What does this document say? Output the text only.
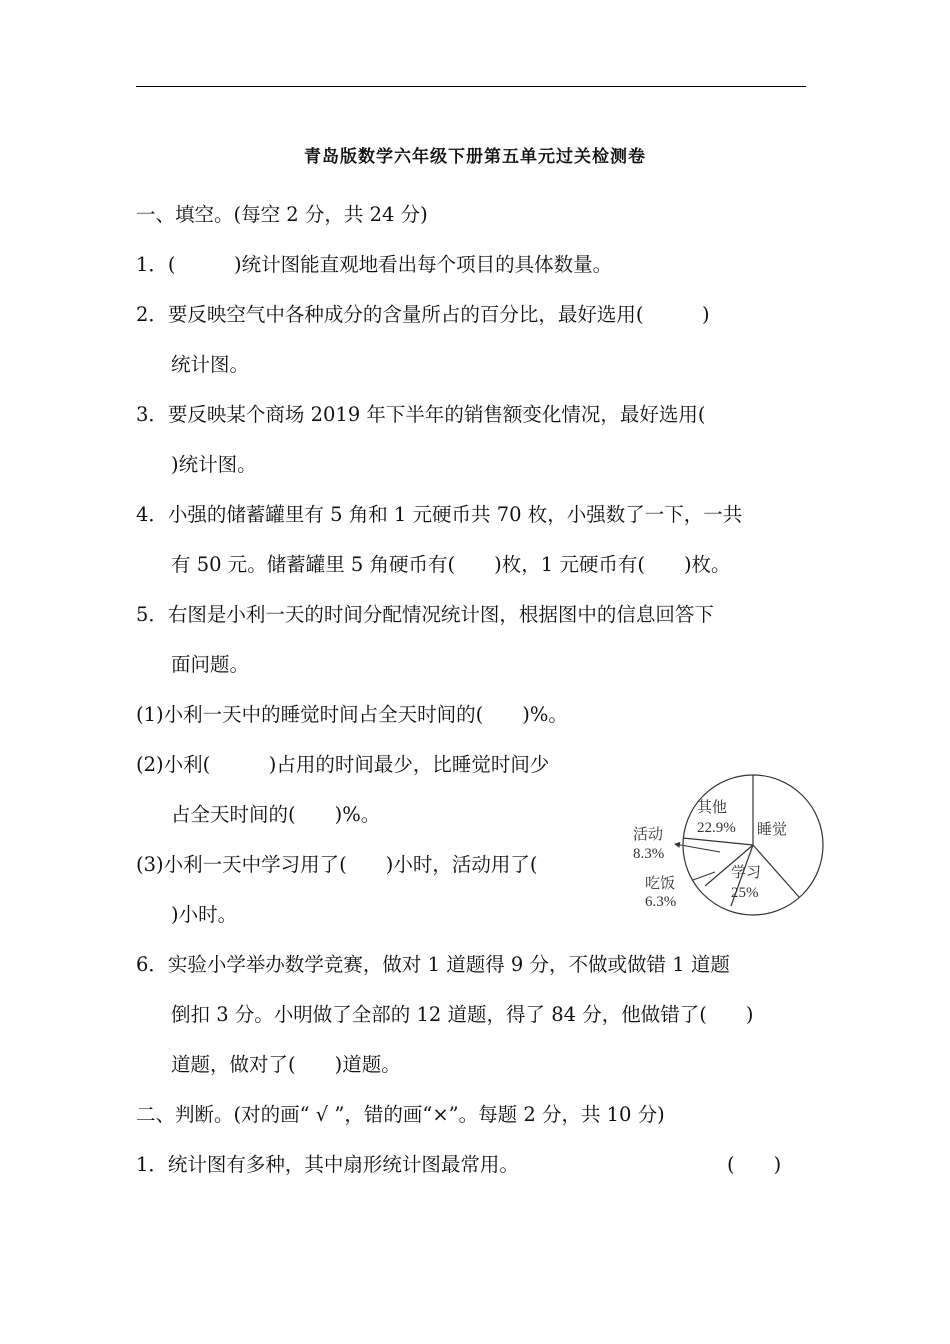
青岛版数学六年级下册第五单元过关检测卷
一、填空。(每空 2 分，共 24 分)
1．(　　　)统计图能直观地看出每个项目的具体数量。
2．要反映空气中各种成分的含量所占的百分比，最好选用(　　　)
统计图。
3．要反映某个商场 2019 年下半年的销售额变化情况，最好选用(
)统计图。
4．小强的储蓄罐里有 5 角和 1 元硬币共 70 枚，小强数了一下，一共
有 50 元。储蓄罐里 5 角硬币有(　　)枚，1 元硬币有(　　)枚。
5．右图是小利一天的时间分配情况统计图，根据图中的信息回答下
面问题。
(1)小利一天中的睡觉时间占全天时间的(　　)%。
(2)小利(　　　)占用的时间最少，比睡觉时间少
占全天时间的(　　)%。
(3)小利一天中学习用了(　　)小时，活动用了(
)小时。
6．实验小学举办数学竞赛，做对 1 道题得 9 分，不做或做错 1 道题
倒扣 3 分。小明做了全部的 12 道题，得了 84 分，他做错了(　　)
道题，做对了(　　)道题。
二、判断。(对的画“ √ ”，错的画“×”。每题 2 分，共 10 分)
1．统计图有多种，其中扇形统计图最常用。	(　　)
睡觉
学习
25%
吃饭
6.3%
活动
8.3%
其他
22.9%
